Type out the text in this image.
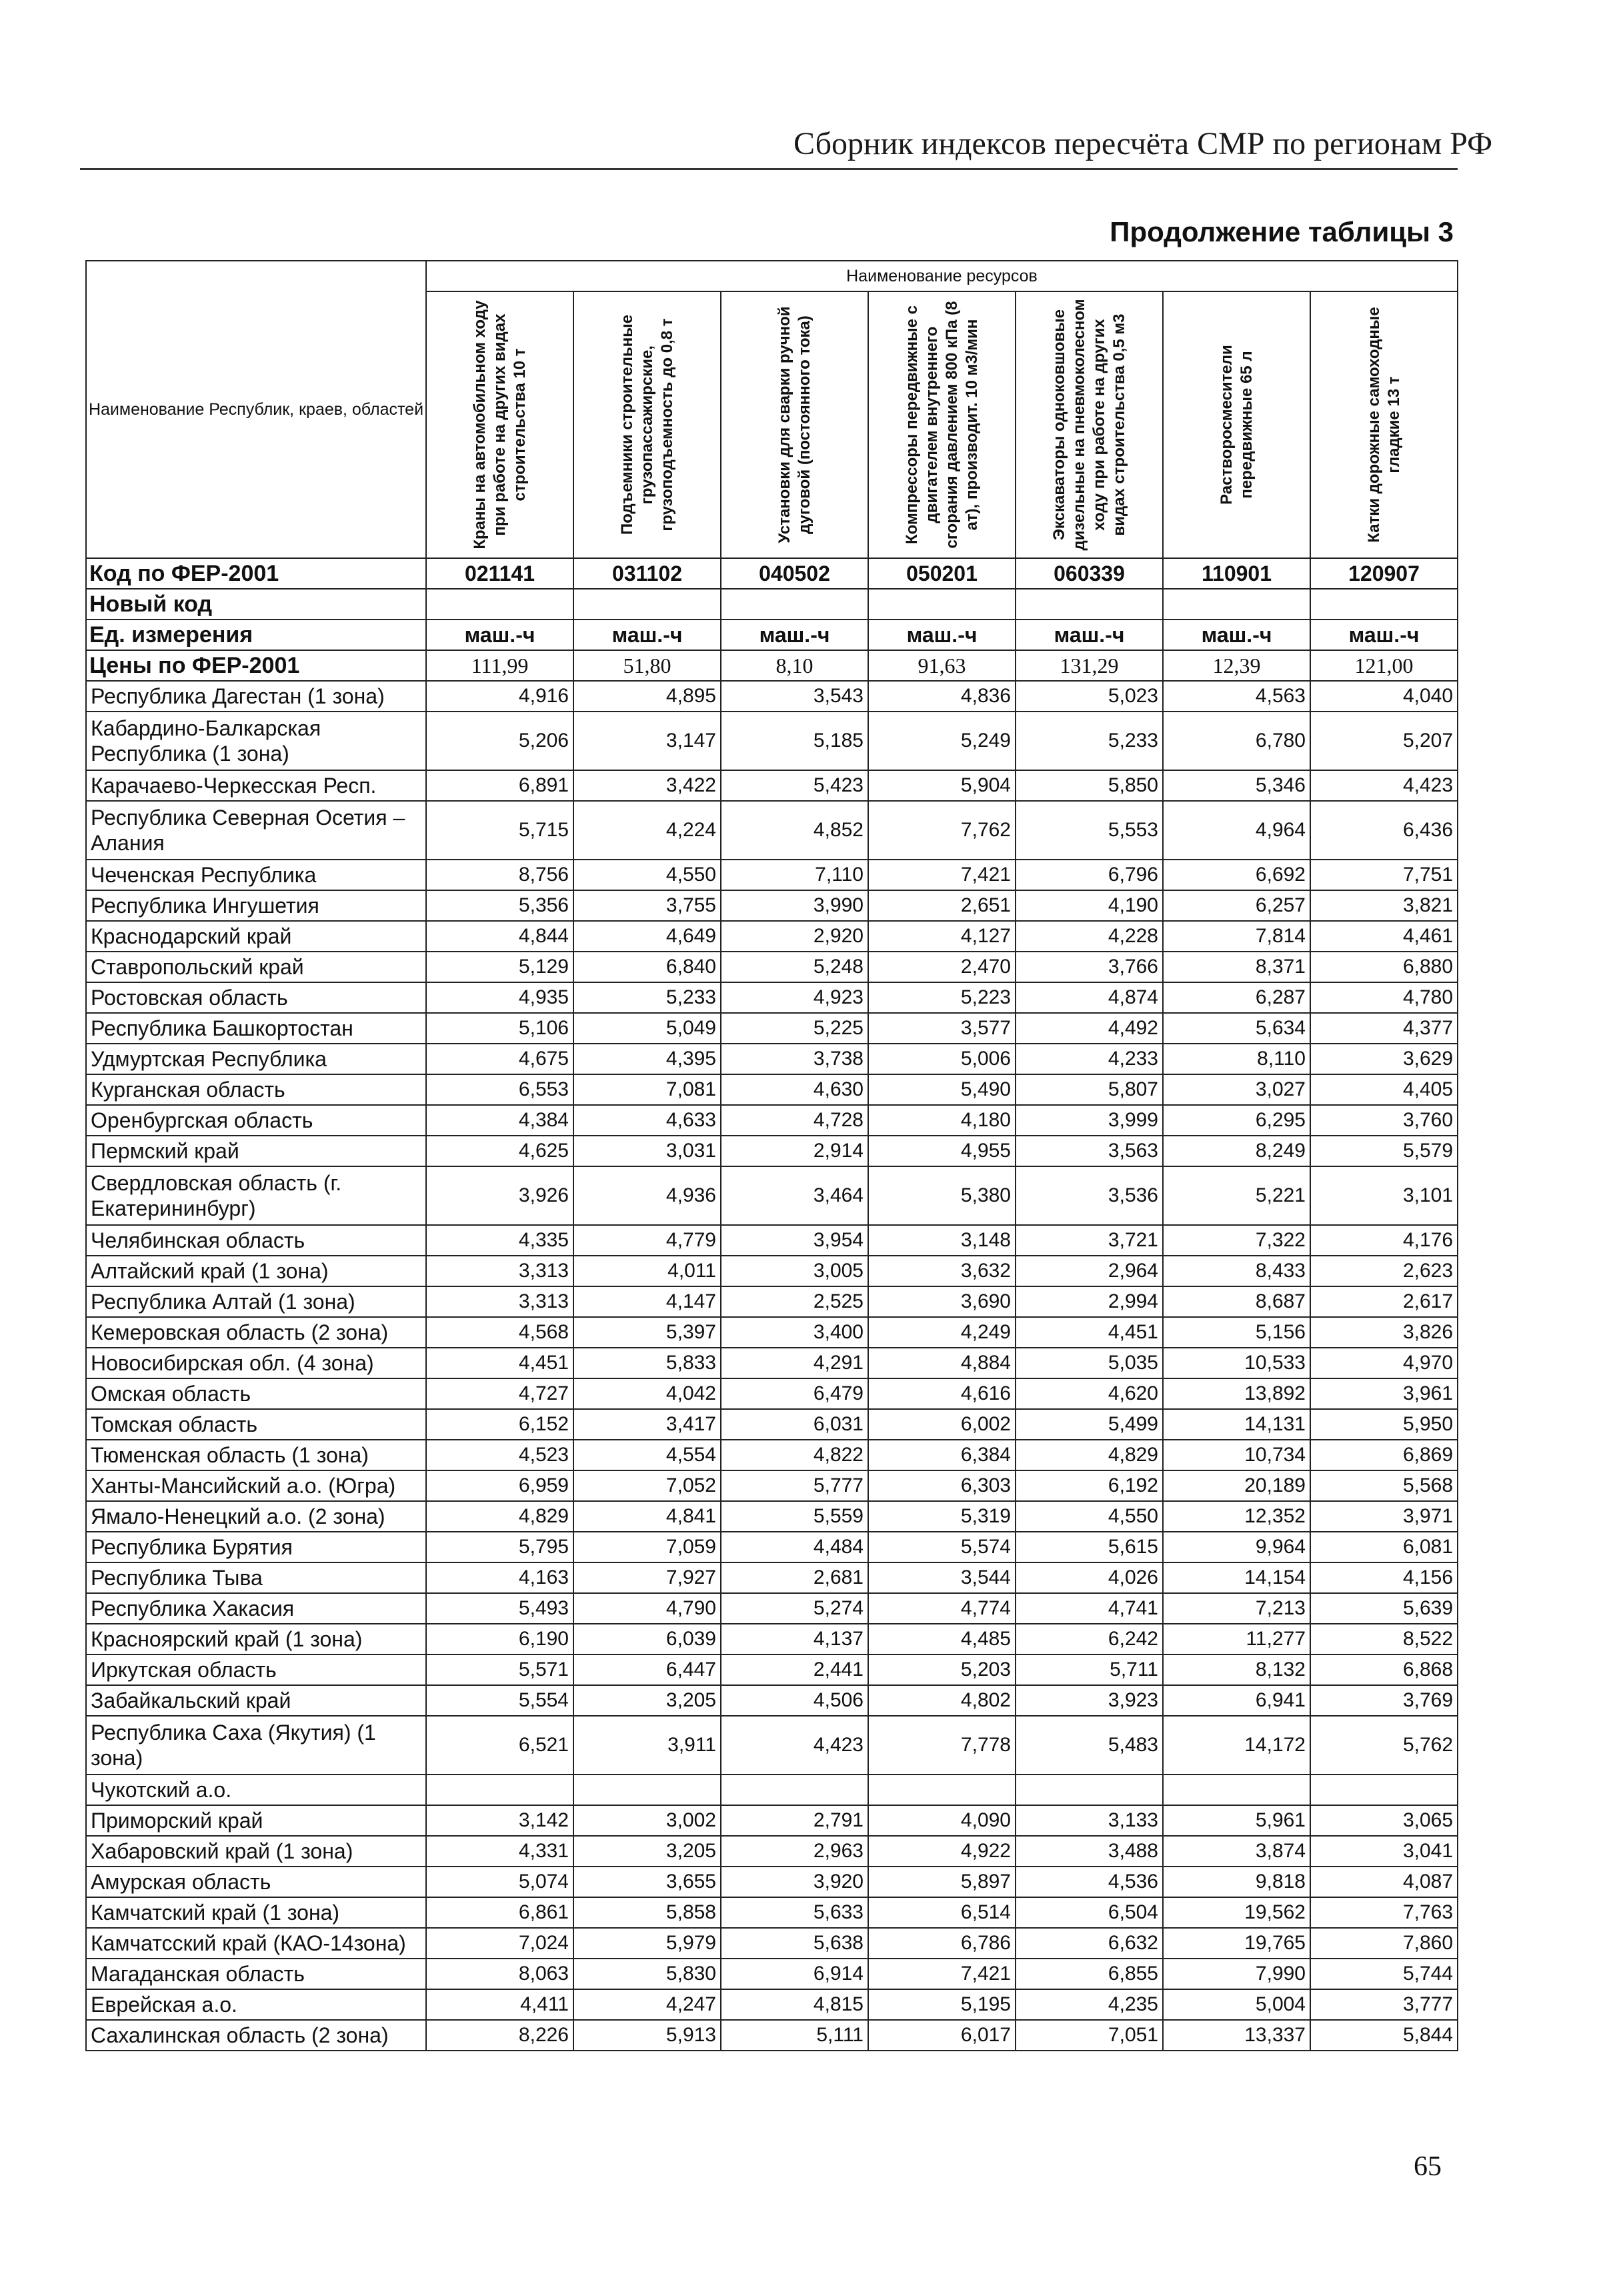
Сборник индексов пересчёта СМР по регионам РФ
Продолжение таблицы 3
Наименование Республик, краев, областей	Наименование ресурсов						

	Краны на автомобильном ходу при работе на других видах строительства 10 т	Подъемники строительные грузопассажирские, грузоподъемность до 0,8 т	Установки для сварки ручной дуговой (постоянного тока)	Компрессоры передвижные с двигателем внутреннего сгорания давлением 800 кПа (8 ат), производит. 10 м3/мин	Экскаваторы одноковшовые дизельные на пневмоколесном ходу при работе на других видах строительства 0,5 м3	Растворосмесители передвижные 65 л	Катки дорожные самоходные гладкие 13 т

Код по ФЕР-2001	021141	031102	040502	050201	060339	110901	120907
Новый код							
Ед. измерения	маш.-ч	маш.-ч	маш.-ч	маш.-ч	маш.-ч	маш.-ч	маш.-ч
Цены по ФЕР-2001	111,99	51,80	8,10	91,63	131,29	12,39	121,00
Республика Дагестан (1 зона)	4,916	4,895	3,543	4,836	5,023	4,563	4,040
Кабардино-Балкарская Республика (1 зона)	5,206	3,147	5,185	5,249	5,233	6,780	5,207
Карачаево-Черкесская Респ.	6,891	3,422	5,423	5,904	5,850	5,346	4,423
Республика Северная Осетия – Алания	5,715	4,224	4,852	7,762	5,553	4,964	6,436
Чеченская Республика	8,756	4,550	7,110	7,421	6,796	6,692	7,751
Республика Ингушетия	5,356	3,755	3,990	2,651	4,190	6,257	3,821
Краснодарский край	4,844	4,649	2,920	4,127	4,228	7,814	4,461
Ставропольский край	5,129	6,840	5,248	2,470	3,766	8,371	6,880
Ростовская область	4,935	5,233	4,923	5,223	4,874	6,287	4,780
Республика Башкортостан	5,106	5,049	5,225	3,577	4,492	5,634	4,377
Удмуртская Республика	4,675	4,395	3,738	5,006	4,233	8,110	3,629
Курганская область	6,553	7,081	4,630	5,490	5,807	3,027	4,405
Оренбургская область	4,384	4,633	4,728	4,180	3,999	6,295	3,760
Пермский край	4,625	3,031	2,914	4,955	3,563	8,249	5,579
Свердловская область (г. Екатерининбург)	3,926	4,936	3,464	5,380	3,536	5,221	3,101
Челябинская область	4,335	4,779	3,954	3,148	3,721	7,322	4,176
Алтайский край (1 зона)	3,313	4,011	3,005	3,632	2,964	8,433	2,623
Республика Алтай (1 зона)	3,313	4,147	2,525	3,690	2,994	8,687	2,617
Кемеровская область (2 зона)	4,568	5,397	3,400	4,249	4,451	5,156	3,826
Новосибирская обл. (4 зона)	4,451	5,833	4,291	4,884	5,035	10,533	4,970
Омская область	4,727	4,042	6,479	4,616	4,620	13,892	3,961
Томская область	6,152	3,417	6,031	6,002	5,499	14,131	5,950
Тюменская область (1 зона)	4,523	4,554	4,822	6,384	4,829	10,734	6,869
Ханты-Мансийский а.о. (Югра)	6,959	7,052	5,777	6,303	6,192	20,189	5,568
Ямало-Ненецкий а.о. (2 зона)	4,829	4,841	5,559	5,319	4,550	12,352	3,971
Республика Бурятия	5,795	7,059	4,484	5,574	5,615	9,964	6,081
Республика Тыва	4,163	7,927	2,681	3,544	4,026	14,154	4,156
Республика Хакасия	5,493	4,790	5,274	4,774	4,741	7,213	5,639
Красноярский край (1 зона)	6,190	6,039	4,137	4,485	6,242	11,277	8,522
Иркутская область	5,571	6,447	2,441	5,203	5,711	8,132	6,868
Забайкальский край	5,554	3,205	4,506	4,802	3,923	6,941	3,769
Республика Саха (Якутия) (1 зона)	6,521	3,911	4,423	7,778	5,483	14,172	5,762
Чукотский а.о.							
Приморский край	3,142	3,002	2,791	4,090	3,133	5,961	3,065
Хабаровский край (1 зона)	4,331	3,205	2,963	4,922	3,488	3,874	3,041
Амурская область	5,074	3,655	3,920	5,897	4,536	9,818	4,087
Камчатский край (1 зона)	6,861	5,858	5,633	6,514	6,504	19,562	7,763
Камчатсский край (КАО-14зона)	7,024	5,979	5,638	6,786	6,632	19,765	7,860
Магаданская область	8,063	5,830	6,914	7,421	6,855	7,990	5,744
Еврейская а.о.	4,411	4,247	4,815	5,195	4,235	5,004	3,777
Сахалинская область (2 зона)	8,226	5,913	5,111	6,017	7,051	13,337	5,844
65
